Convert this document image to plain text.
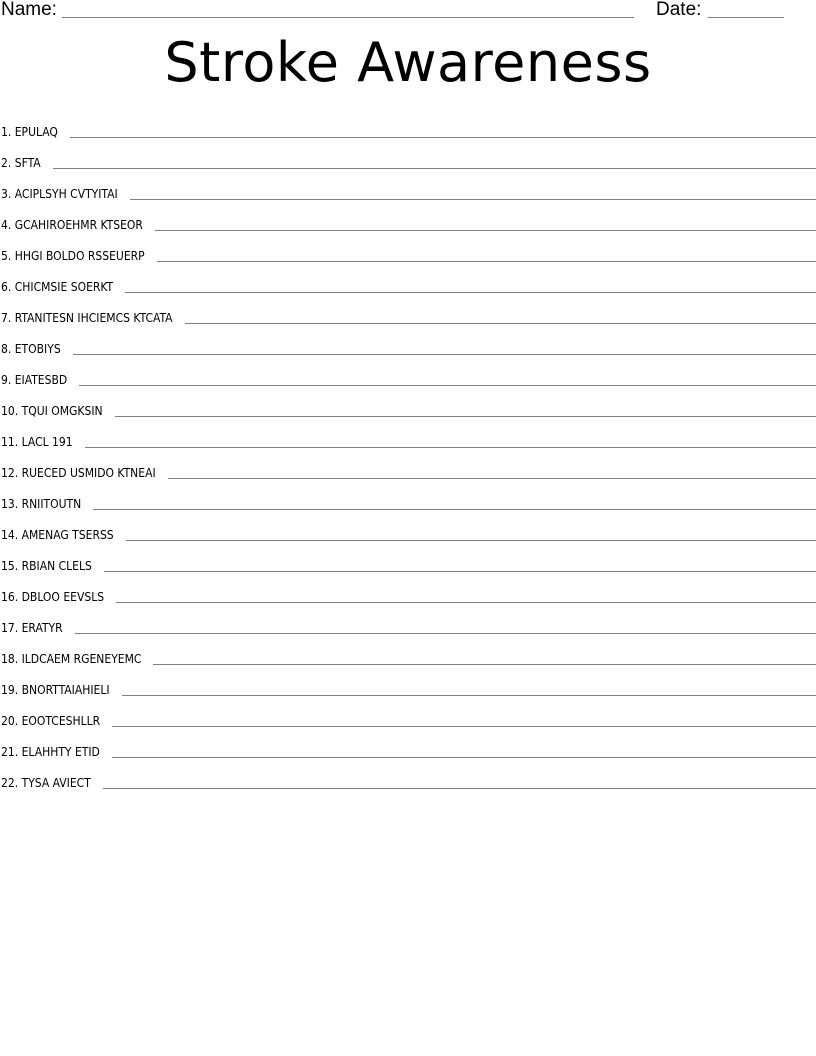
Name:	Date:
Stroke Awareness
1. EPULAQ
2. SFTA
3. ACIPLSYH CVTYITAI
4. GCAHIROEHMR KTSEOR
5. HHGI BOLDO RSSEUERP
6. CHICMSIE SOERKT
7. RTANITESN IHCIEMCS KTCATA
8. ETOBIYS
9. EIATESBD
10. TQUI OMGKSIN
11. LACL 191
12. RUECED USMIDO KTNEAI
13. RNIITOUTN
14. AMENAG TSERSS
15. RBIAN CLELS
16. DBLOO EEVSLS
17. ERATYR
18. ILDCAEM RGENEYEMC
19. BNORTTAIAHIELI
20. EOOTCESHLLR
21. ELAHHTY ETID
22. TYSA AVIECT
